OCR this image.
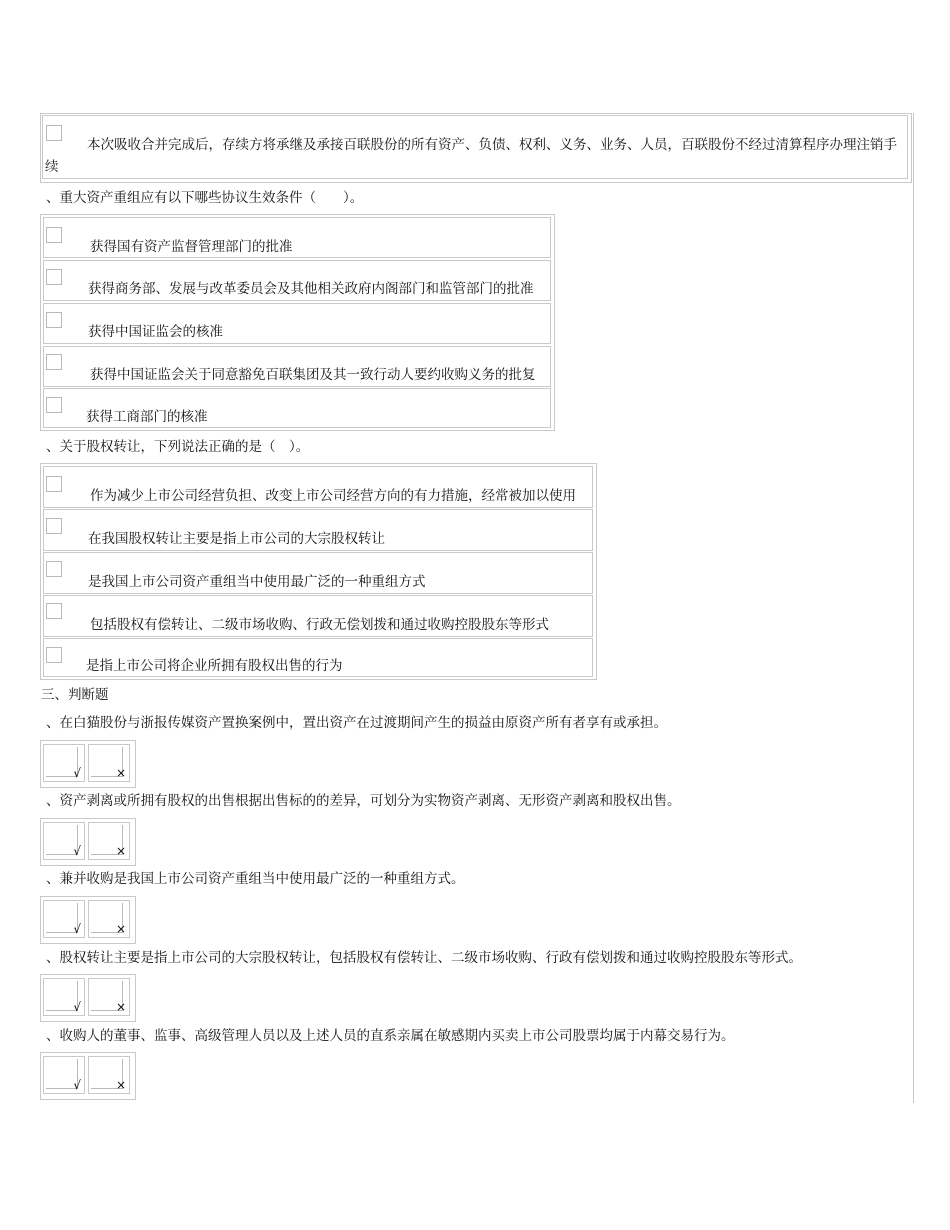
本次吸收合并完成后，存续方将承继及承接百联股份的所有资产、负债、权利、义务、业务、人员，百联股份不经过清算程序办理注销手续
、重大资产重组应有以下哪些协议生效条件（　　）。
获得国有资产监督管理部门的批准
获得商务部、发展与改革委员会及其他相关政府内阁部门和监管部门的批准
获得中国证监会的核准
获得中国证监会关于同意豁免百联集团及其一致行动人要约收购义务的批复
获得工商部门的核准
、关于股权转让，下列说法正确的是（　）。
作为减少上市公司经营负担、改变上市公司经营方向的有力措施，经常被加以使用
在我国股权转让主要是指上市公司的大宗股权转让
是我国上市公司资产重组当中使用最广泛的一种重组方式
包括股权有偿转让、二级市场收购、行政无偿划拨和通过收购控股股东等形式
是指上市公司将企业所拥有股权出售的行为
三、判断题
、在白猫股份与浙报传媒资产置换案例中，置出资产在过渡期间产生的损益由原资产所有者享有或承担。
√	×
、资产剥离或所拥有股权的出售根据出售标的的差异，可划分为实物资产剥离、无形资产剥离和股权出售。
√	×
、兼并收购是我国上市公司资产重组当中使用最广泛的一种重组方式。
√	×
、股权转让主要是指上市公司的大宗股权转让，包括股权有偿转让、二级市场收购、行政有偿划拨和通过收购控股股东等形式。
√	×
、收购人的董事、监事、高级管理人员以及上述人员的直系亲属在敏感期内买卖上市公司股票均属于内幕交易行为。
√	×
